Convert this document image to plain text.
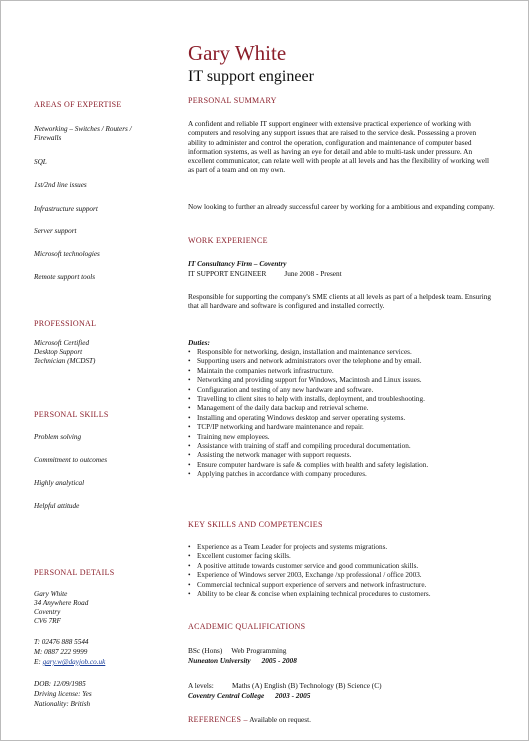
Gary White
IT support engineer
AREAS OF EXPERTISE
Networking – Switches / Routers / Firewalls
SQL
1st/2nd line issues
Infrastructure support
Server support
Microsoft technologies
Remote support tools
PROFESSIONAL
Microsoft Certified
Desktop Support
Technician (MCDST)
PERSONAL SKILLS
Problem solving
Commitment to outcomes
Highly analytical
Helpful attitude
PERSONAL DETAILS
Gary White
34 Anywhere Road
Coventry
CV6 7RF
T: 02476 888 5544
M: 0887 222 9999
E: gary.w@dayjob.co.uk
DOB: 12/09/1985
Driving license: Yes
Nationality: British
PERSONAL SUMMARY
A confident and reliable IT support engineer with extensive practical experience of working with computers and resolving any support issues that are raised to the service desk. Possessing a proven ability to administer and control the operation, configuration and maintenance of computer based information systems, as well as having an eye for detail and able to multi-task under pressure. An excellent communicator, can relate well with people at all levels and has the flexibility of working well as part of a team and on my own.
Now looking to further an already successful career by working for a ambitious and expanding company.
WORK EXPERIENCE
IT Consultancy Firm – Coventry
IT SUPPORT ENGINEER June 2008 - Present
Responsible for supporting the company's SME clients at all levels as part of a helpdesk team. Ensuring that all hardware and software is configured and installed correctly.
Duties:
• Responsible for networking, design, installation and maintenance services.
• Supporting users and network administrators over the telephone and by email.
• Maintain the companies network infrastructure.
• Networking and providing support for Windows, Macintosh and Linux issues.
• Configuration and testing of any new hardware and software.
• Travelling to client sites to help with installs, deployment, and troubleshooting.
• Management of the daily data backup and retrieval scheme.
• Installing and operating Windows desktop and server operating systems.
• TCP/IP networking and hardware maintenance and repair.
• Training new employees.
• Assistance with training of staff and compiling procedural documentation.
• Assisting the network manager with support requests.
• Ensure computer hardware is safe & complies with health and safety legislation.
• Applying patches in accordance with company procedures.
KEY SKILLS AND COMPETENCIES
• Experience as a Team Leader for projects and systems migrations.
• Excellent customer facing skills.
• A positive attitude towards customer service and good communication skills.
• Experience of Windows server 2003, Exchange /xp professional / office 2003.
• Commercial technical support experience of servers and network infrastructure.
• Ability to be clear & concise when explaining technical procedures to customers.
ACADEMIC QUALIFICATIONS
BSc (Hons)     Web Programming
Nuneaton University      2005 - 2008
A levels:          Maths (A) English (B) Technology (B) Science (C)
Coventry Central College      2003 - 2005
REFERENCES – Available on request.
